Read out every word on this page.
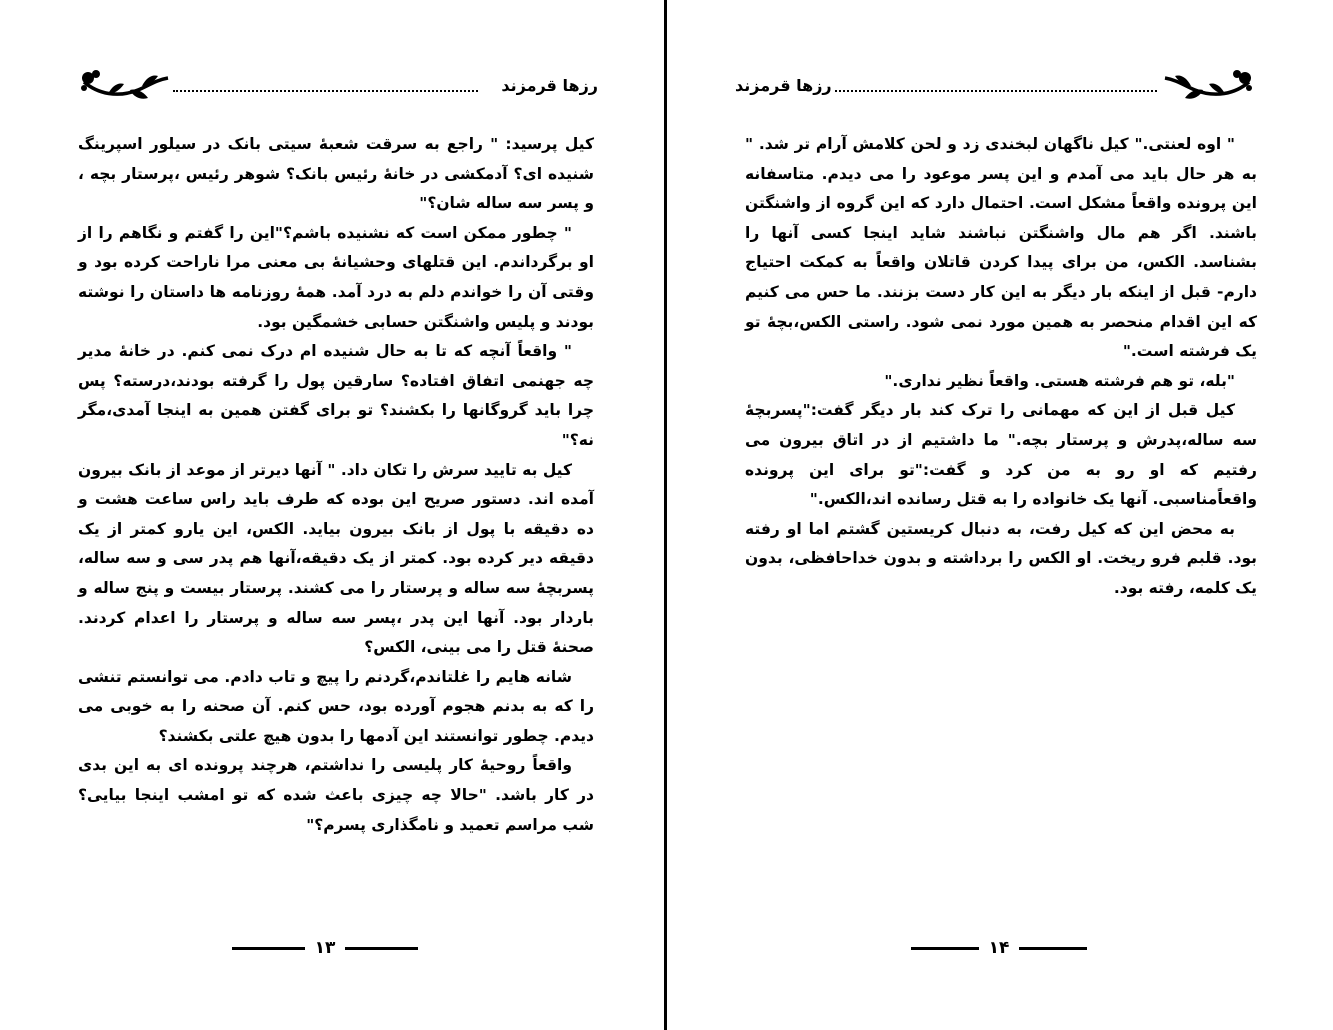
رزها قرمزند

کیل پرسید: " راجع به سرقت شعبهٔ سیتی بانک در سیلور اسپرینگ شنیده ای؟ آدمکشی در خانهٔ رئیس بانک؟ شوهر رئیس ،پرستار بچه ، و پسر سه ساله شان؟"

" چطور ممکن است که نشنیده باشم؟"این را گفتم و نگاهم را از او برگرداندم. این قتلهای وحشیانهٔ بی معنی مرا ناراحت کرده بود و وقتی آن را خواندم دلم به درد آمد. همهٔ روزنامه ها داستان را نوشته بودند و پلیس واشنگتن حسابی خشمگین بود.

" واقعاً آنچه که تا به حال شنیده ام درک نمی کنم. در خانهٔ مدیر چه جهنمی اتفاق افتاده؟ سارقین پول را گرفته بودند،درسته؟ پس چرا باید گروگانها را بکشند؟ تو برای گفتن همین به اینجا آمدی،مگر نه؟"

کیل به تایید سرش را تکان داد. " آنها دیرتر از موعد از بانک بیرون آمده اند. دستور صریح این بوده که طرف باید راس ساعت هشت و ده دقیقه با پول از بانک بیرون بیاید. الکس، این یارو کمتر از یک دقیقه دیر کرده بود. کمتر از یک دقیقه،آنها هم پدر سی و سه ساله، پسربچهٔ سه ساله و پرستار را می کشند. پرستار بیست و پنج ساله و باردار بود. آنها این پدر ،پسر سه ساله و پرستار را اعدام کردند. صحنهٔ قتل را می بینی، الکس؟

شانه هایم را غلتاندم،گردنم را پیچ و تاب دادم. می توانستم تنشی را که به بدنم هجوم آورده بود، حس کنم. آن صحنه را به خوبی می دیدم. چطور توانستند این آدمها را بدون هیچ علتی بکشند؟

واقعاً روحیهٔ کار پلیسی را نداشتم، هرچند پرونده ای به این بدی در کار باشد. "حالا چه چیزی باعث شده که تو امشب اینجا بیایی؟ شب مراسم تعمید و نامگذاری پسرم؟"

۱۳
رزها قرمزند

" اوه لعنتی." کیل ناگهان لبخندی زد و لحن کلامش آرام تر شد. " به هر حال باید می آمدم و این پسر موعود را می دیدم. متاسفانه این پرونده واقعاً مشکل است. احتمال دارد که این گروه از واشنگتن باشند. اگر هم مال واشنگتن نباشند شاید اینجا کسی آنها را بشناسد. الکس، من برای پیدا کردن قاتلان واقعاً به کمکت احتیاج دارم- قبل از اینکه بار دیگر به این کار دست بزنند. ما حس می کنیم که این اقدام منحصر به همین مورد نمی شود. راستی الکس،بچهٔ تو یک فرشته است."

"بله، تو هم فرشته هستی. واقعاً نظیر نداری."

کیل قبل از این که مهمانی را ترک کند بار دیگر گفت:"پسربچهٔ سه ساله،پدرش و پرستار بچه." ما داشتیم از در اتاق بیرون می رفتیم که او رو به من کرد و گفت:"تو برای این پرونده واقعاًمناسبی. آنها یک خانواده را به قتل رسانده اند،الکس."

به محض این که کیل رفت، به دنبال کریستین گشتم اما او رفته بود. قلبم فرو ریخت. او الکس را برداشته و بدون خداحافظی، بدون یک کلمه، رفته بود.

۱۴
